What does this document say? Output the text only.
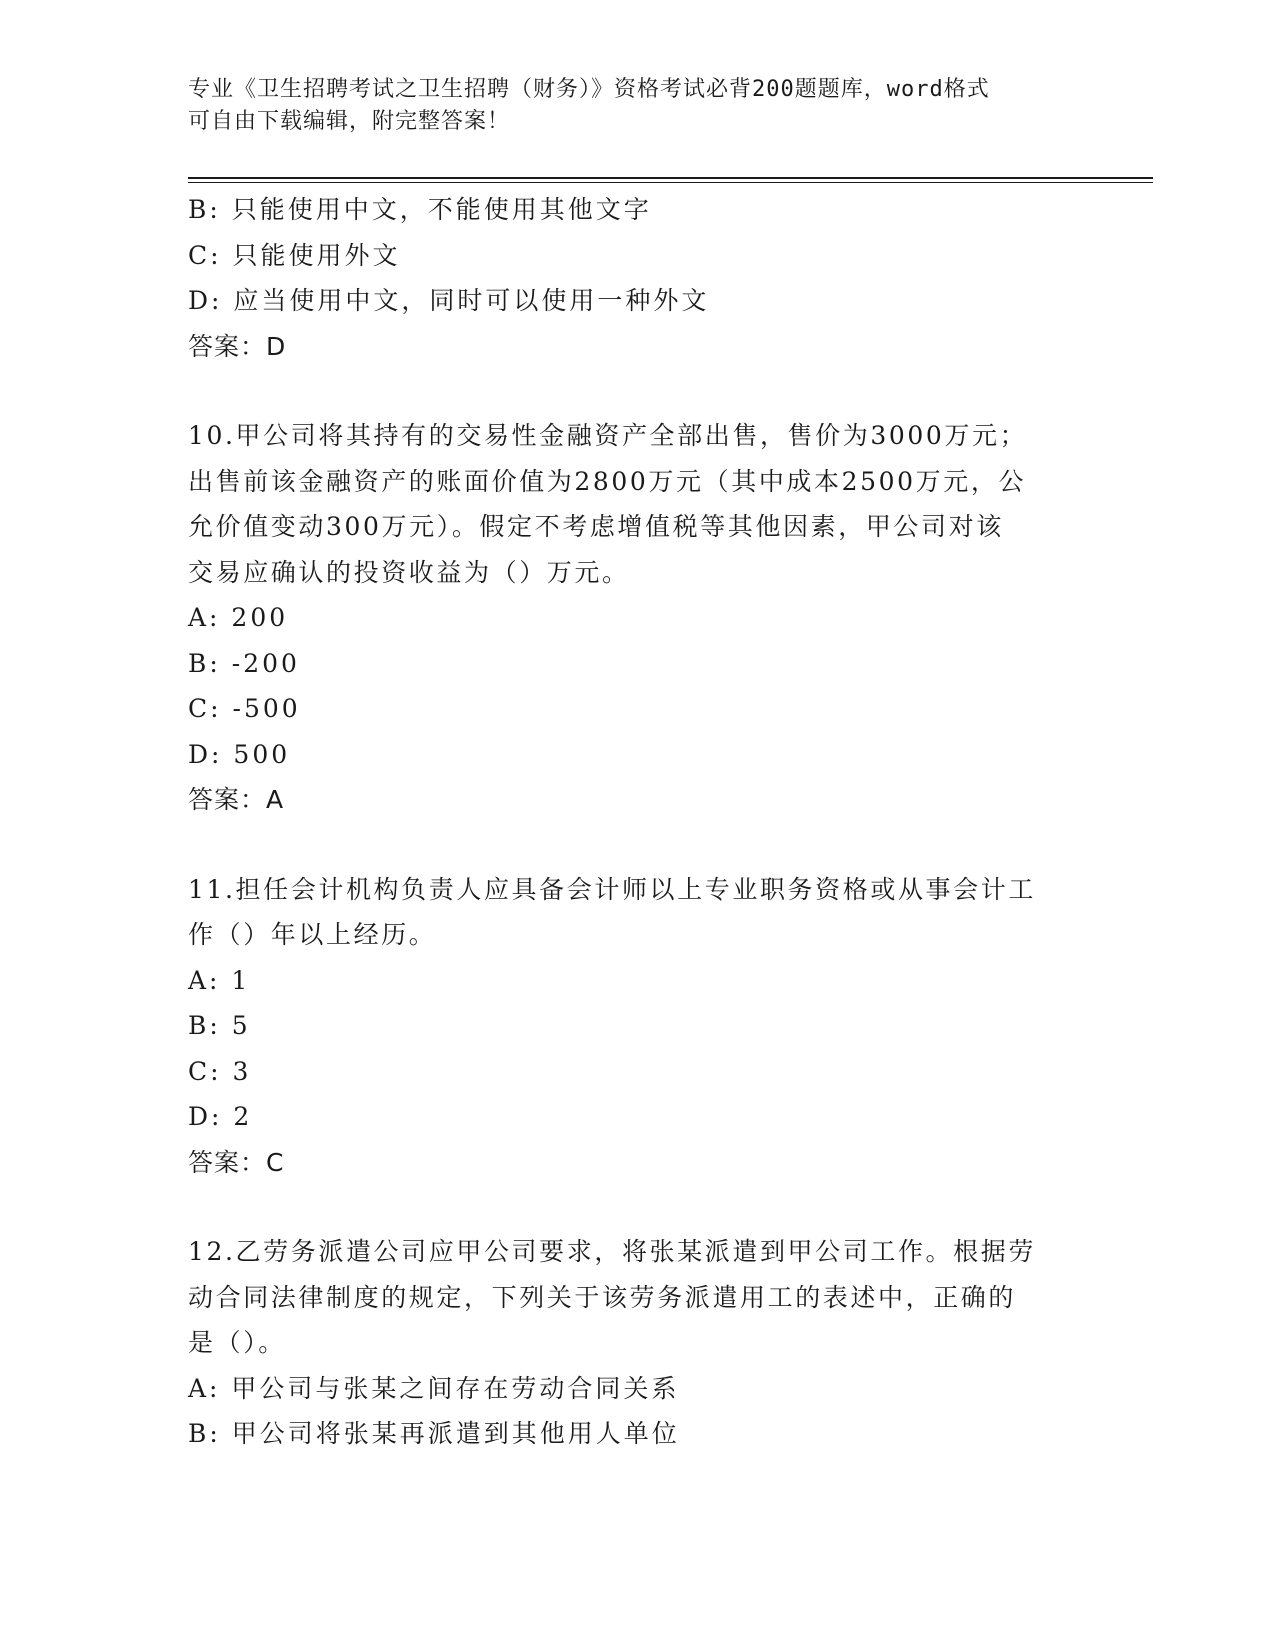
专业《卫生招聘考试之卫生招聘（财务）》资格考试必背200题题库，word格式
可自由下载编辑，附完整答案！
B: 只能使用中文，不能使用其他文字
C: 只能使用外文
D: 应当使用中文，同时可以使用一种外文
答案：D
10.甲公司将其持有的交易性金融资产全部出售，售价为3000万元；
出售前该金融资产的账面价值为2800万元（其中成本2500万元，公
允价值变动300万元）。假定不考虑增值税等其他因素，甲公司对该
交易应确认的投资收益为（）万元。
A: 200
B: -200
C: -500
D: 500
答案：A
11.担任会计机构负责人应具备会计师以上专业职务资格或从事会计工
作（）年以上经历。
A: 1
B: 5
C: 3
D: 2
答案：C
12.乙劳务派遣公司应甲公司要求，将张某派遣到甲公司工作。根据劳
动合同法律制度的规定，下列关于该劳务派遣用工的表述中，正确的
是（）。
A: 甲公司与张某之间存在劳动合同关系
B: 甲公司将张某再派遣到其他用人单位
